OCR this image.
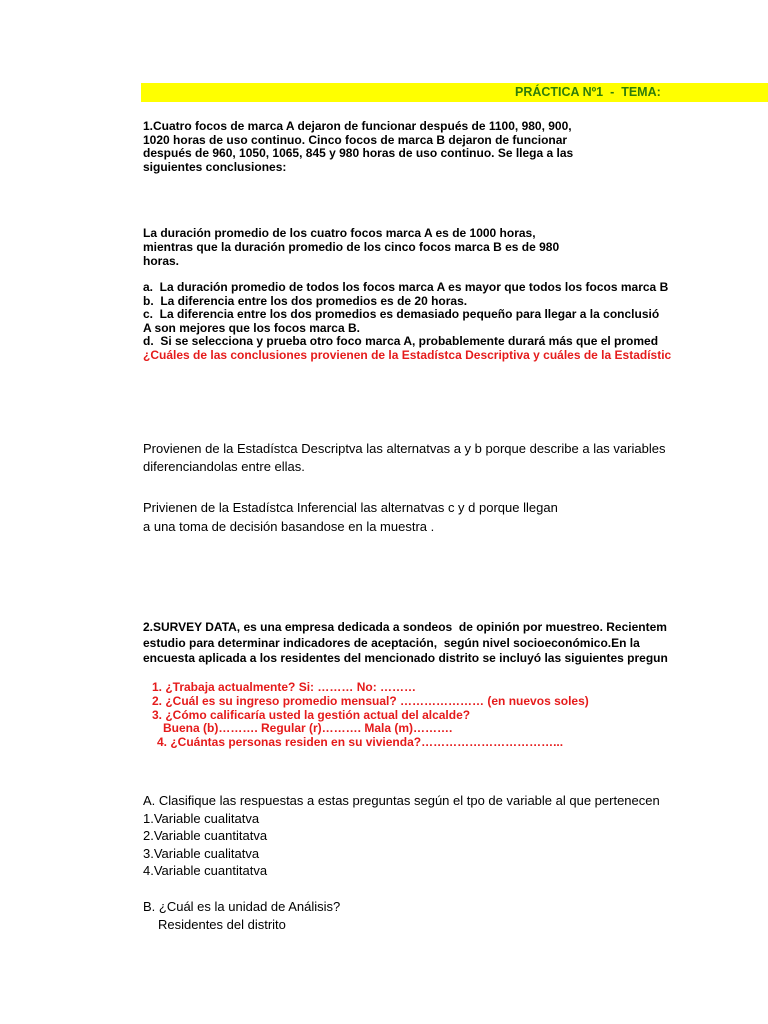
PRÁCTICA Nº1  -  TEMA:
1.Cuatro focos de marca A dejaron de funcionar después de 1100, 980, 900,
1020 horas de uso continuo. Cinco focos de marca B dejaron de funcionar
después de 960, 1050, 1065, 845 y 980 horas de uso continuo. Se llega a las
siguientes conclusiones:
La duración promedio de los cuatro focos marca A es de 1000 horas,
mientras que la duración promedio de los cinco focos marca B es de 980
horas.
a.  La duración promedio de todos los focos marca A es mayor que todos los focos marca B
b.  La diferencia entre los dos promedios es de 20 horas.
c.  La diferencia entre los dos promedios es demasiado pequeño para llegar a la conclusió
A son mejores que los focos marca B.
d.  Si se selecciona y prueba otro foco marca A, probablemente durará más que el promed
¿Cuáles de las conclusiones provienen de la Estadístca Descriptiva y cuáles de la Estadístic
Provienen de la Estadístca Descriptva las alternatvas a y b porque describe a las variables
diferenciandolas entre ellas.
Privienen de la Estadístca Inferencial las alternatvas c y d porque llegan
a una toma de decisión basandose en la muestra .
2.SURVEY DATA, es una empresa dedicada a sondeos  de opinión por muestreo. Recientem
estudio para determinar indicadores de aceptación,  según nivel socioeconómico.En la
encuesta aplicada a los residentes del mencionado distrito se incluyó las siguientes pregun
1. ¿Trabaja actualmente? Si: ……… No: ………
2. ¿Cuál es su ingreso promedio mensual? ………………… (en nuevos soles)
3. ¿Cómo calificaría usted la gestión actual del alcalde?
Buena (b)………. Regular (r)………. Mala (m)……….
4. ¿Cuántas personas residen en su vivienda?……………………………...
A. Clasifique las respuestas a estas preguntas según el tpo de variable al que pertenecen
1.Variable cualitatva
2.Variable cuantitatva
3.Variable cualitatva
4.Variable cuantitatva
B. ¿Cuál es la unidad de Análisis?
Residentes del distrito
